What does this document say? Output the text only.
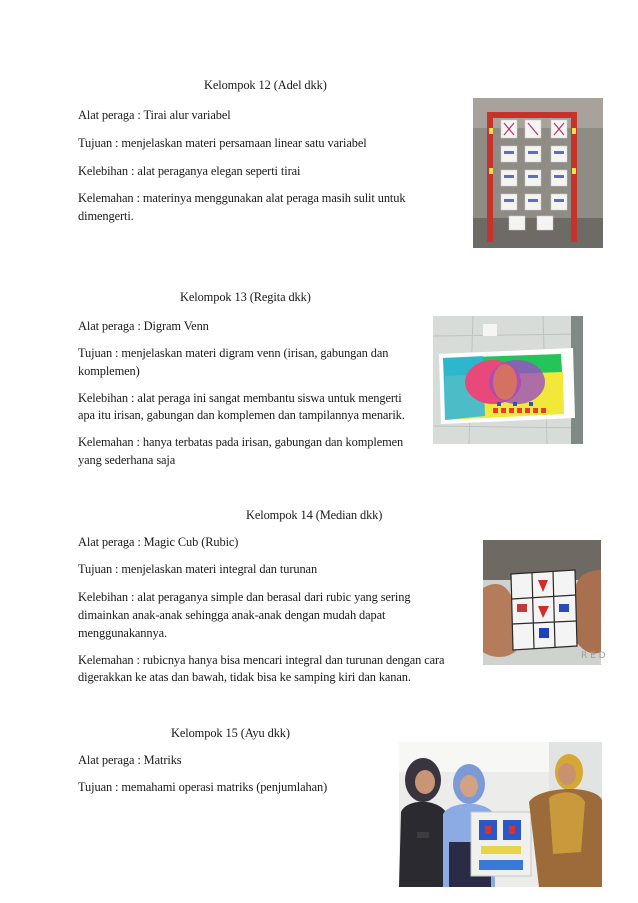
Kelompok 12 (Adel dkk)
Alat peraga : Tirai alur variabel
Tujuan : menjelaskan materi persamaan linear satu variabel
Kelebihan : alat peraganya elegan seperti tirai
Kelemahan : materinya menggunakan alat peraga masih sulit untuk
dimengerti.
Kelompok 13 (Regita dkk)
Alat peraga : Digram Venn
Tujuan : menjelaskan materi digram venn (irisan, gabungan dan
komplemen)
Kelebihan : alat peraga ini sangat membantu siswa untuk mengerti
apa itu irisan, gabungan dan komplemen dan tampilannya menarik.
Kelemahan : hanya terbatas pada irisan, gabungan dan komplemen
yang sederhana saja
Kelompok 14 (Median dkk)
Alat peraga : Magic Cub (Rubic)
Tujuan : menjelaskan materi integral dan turunan
Kelebihan : alat peraganya simple dan berasal dari rubic yang sering
dimainkan anak-anak sehingga anak-anak dengan mudah dapat
menggunakannya.
Kelemahan : rubicnya hanya bisa mencari integral dan turunan dengan cara
digerakkan ke atas dan bawah, tidak bisa ke samping kiri dan kanan.
R E D
Kelompok 15 (Ayu dkk)
Alat peraga : Matriks
Tujuan : memahami operasi matriks (penjumlahan)
